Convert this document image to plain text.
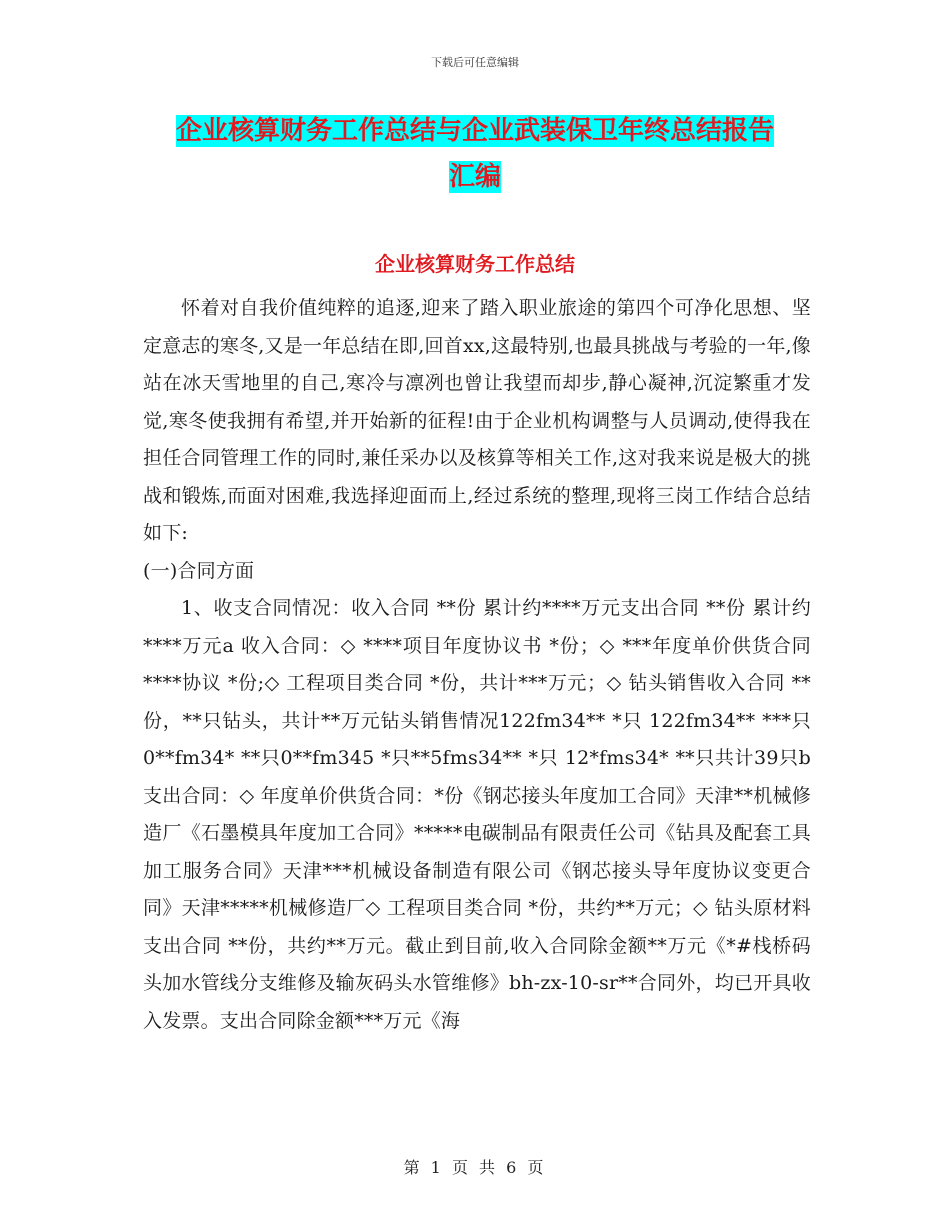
下载后可任意编辑
企业核算财务工作总结与企业武装保卫年终总结报告
汇编
企业核算财务工作总结

怀着对自我价值纯粹的追逐,迎来了踏入职业旅途的第四个可净化思想、坚定意志的寒冬,又是一年总结在即,回首xx,这最特别,也最具挑战与考验的一年,像站在冰天雪地里的自己,寒冷与凛冽也曾让我望而却步,静心凝神,沉淀繁重才发觉,寒冬使我拥有希望,并开始新的征程!由于企业机构调整与人员调动,使得我在担任合同管理工作的同时,兼任采办以及核算等相关工作,这对我来说是极大的挑战和锻炼,而面对困难,我选择迎面而上,经过系统的整理,现将三岗工作结合总结如下:

(一)合同方面

1、收支合同情况：收入合同 **份 累计约****万元支出合同 **份 累计约****万元a 收入合同：◇ ****项目年度协议书 *份；◇ ***年度单价供货合同****协议 *份;◇ 工程项目类合同 *份，共计***万元；◇ 钻头销售收入合同 **份，**只钻头，共计**万元钻头销售情况122fm34** *只 122fm34** ***只 0**fm34* **只0**fm345 *只**5fms34** *只 12*fms34* **只共计39只b支出合同：◇ 年度单价供货合同：*份《钢芯接头年度加工合同》天津**机械修造厂《石墨模具年度加工合同》*****电碳制品有限责任公司《钻具及配套工具加工服务合同》天津***机械设备制造有限公司《钢芯接头导年度协议变更合同》天津*****机械修造厂◇ 工程项目类合同 *份，共约**万元；◇ 钻头原材料支出合同 **份，共约**万元。截止到目前,收入合同除金额**万元《*#栈桥码头加水管线分支维修及输灰码头水管维修》bh-zx-10-sr**合同外，均已开具收入发票。支出合同除金额***万元《海

第 1 页 共 6 页
